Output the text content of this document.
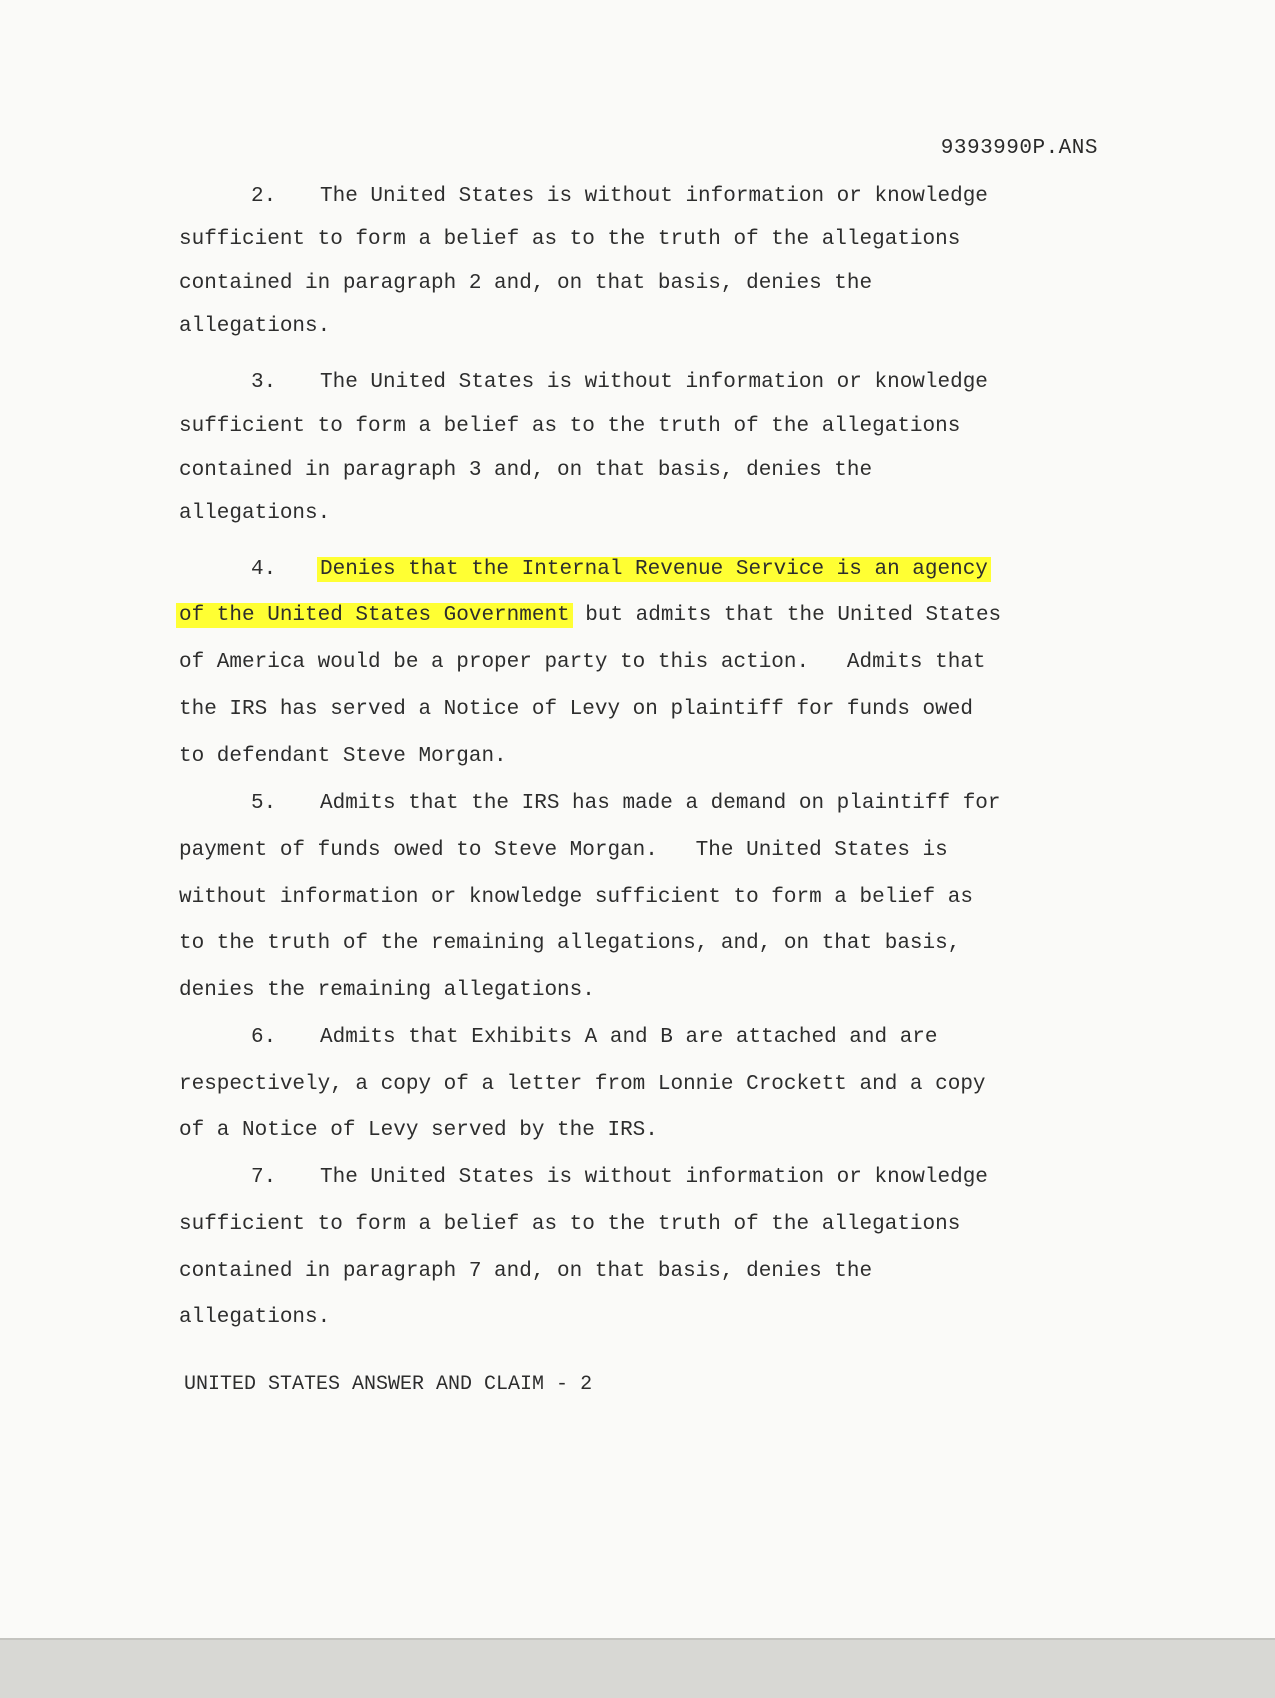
9393990P.ANS
2. The United States is without information or knowledge
sufficient to form a belief as to the truth of the allegations
contained in paragraph 2 and, on that basis, denies the
allegations.
3. The United States is without information or knowledge
sufficient to form a belief as to the truth of the allegations
contained in paragraph 3 and, on that basis, denies the
allegations.
4. Denies that the Internal Revenue Service is an agency
of the United States Government but admits that the United States
of America would be a proper party to this action.   Admits that
the IRS has served a Notice of Levy on plaintiff for funds owed
to defendant Steve Morgan.
5. Admits that the IRS has made a demand on plaintiff for
payment of funds owed to Steve Morgan.   The United States is
without information or knowledge sufficient to form a belief as
to the truth of the remaining allegations, and, on that basis,
denies the remaining allegations.
6. Admits that Exhibits A and B are attached and are
respectively, a copy of a letter from Lonnie Crockett and a copy
of a Notice of Levy served by the IRS.
7. The United States is without information or knowledge
sufficient to form a belief as to the truth of the allegations
contained in paragraph 7 and, on that basis, denies the
allegations.
UNITED STATES ANSWER AND CLAIM - 2
